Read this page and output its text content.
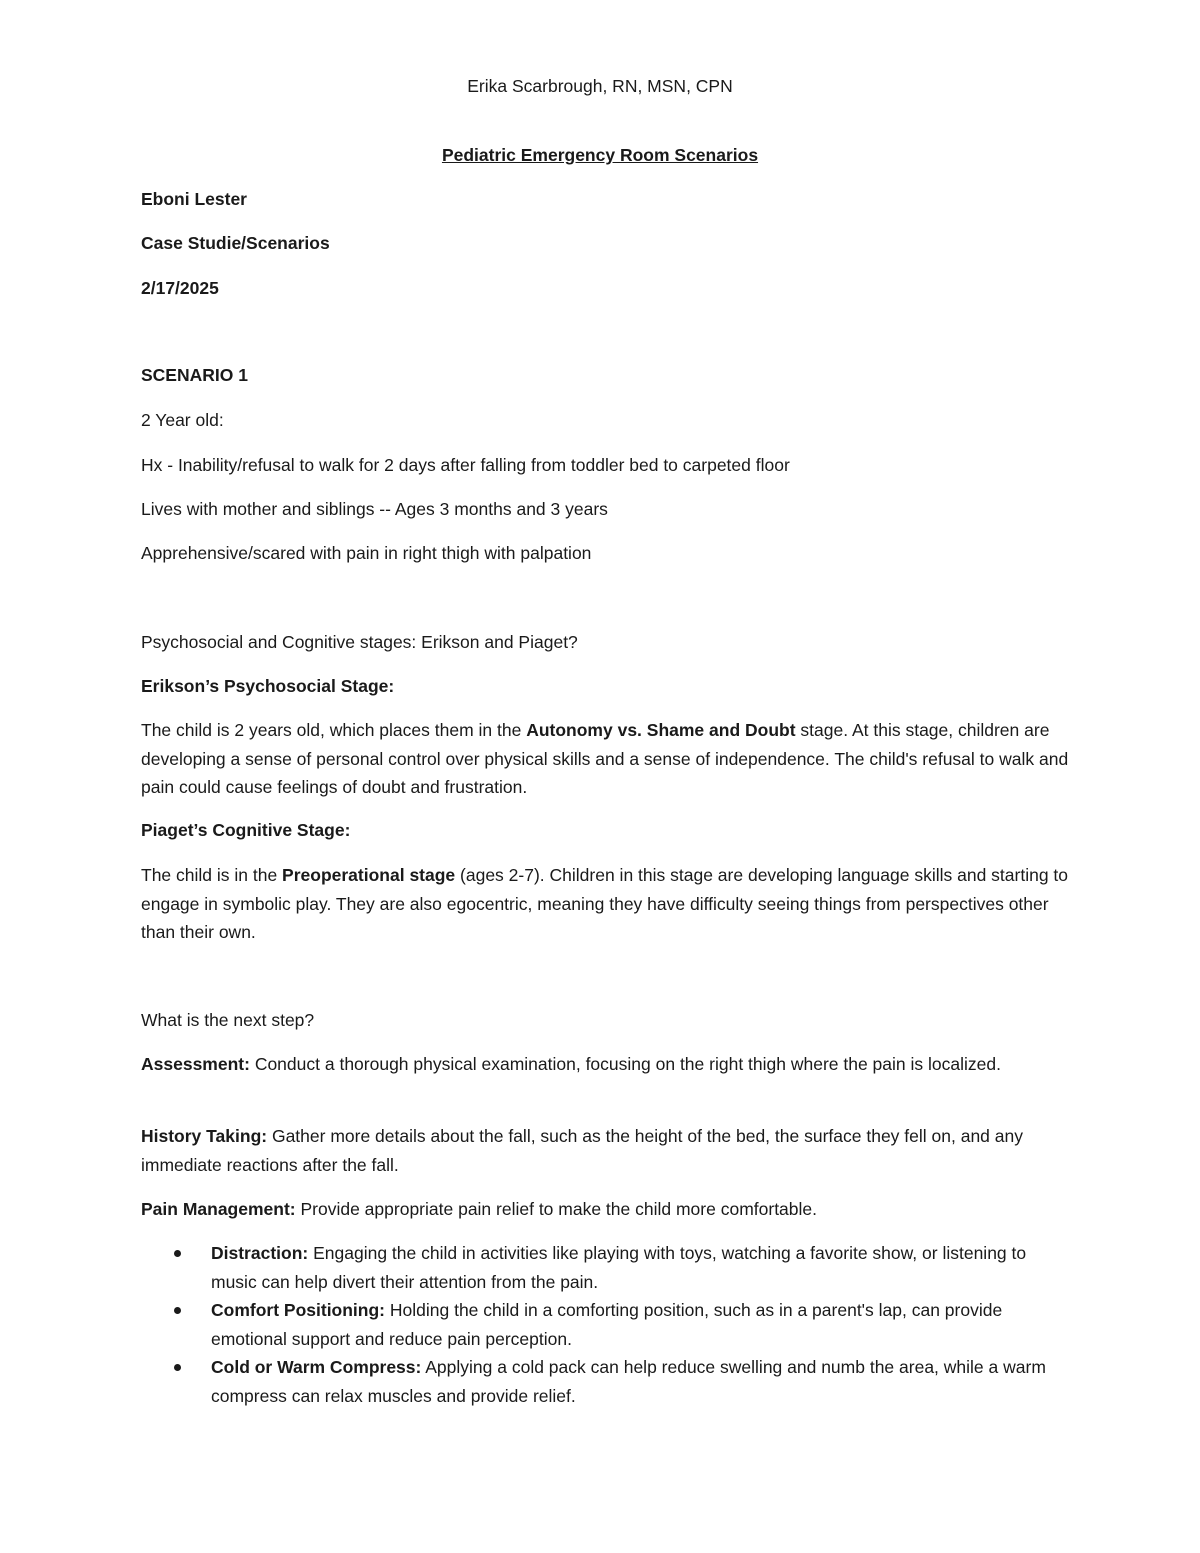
Erika Scarbrough, RN, MSN, CPN
Pediatric Emergency Room Scenarios
Eboni Lester
Case Studie/Scenarios
2/17/2025
SCENARIO 1
2 Year old:
Hx - Inability/refusal to walk for 2 days after falling from toddler bed to carpeted floor
Lives with mother and siblings -- Ages 3 months and 3 years
Apprehensive/scared with pain in right thigh with palpation
Psychosocial and Cognitive stages: Erikson and Piaget?
Erikson’s Psychosocial Stage:
The child is 2 years old, which places them in the Autonomy vs. Shame and Doubt stage. At this stage, children are developing a sense of personal control over physical skills and a sense of independence. The child's refusal to walk and pain could cause feelings of doubt and frustration.
Piaget’s Cognitive Stage:
The child is in the Preoperational stage (ages 2-7). Children in this stage are developing language skills and starting to engage in symbolic play. They are also egocentric, meaning they have difficulty seeing things from perspectives other than their own.
What is the next step?
Assessment: Conduct a thorough physical examination, focusing on the right thigh where the pain is localized.
History Taking: Gather more details about the fall, such as the height of the bed, the surface they fell on, and any immediate reactions after the fall.
Pain Management: Provide appropriate pain relief to make the child more comfortable.
Distraction: Engaging the child in activities like playing with toys, watching a favorite show, or listening to music can help divert their attention from the pain.
Comfort Positioning: Holding the child in a comforting position, such as in a parent's lap, can provide emotional support and reduce pain perception.
Cold or Warm Compress: Applying a cold pack can help reduce swelling and numb the area, while a warm compress can relax muscles and provide relief.
